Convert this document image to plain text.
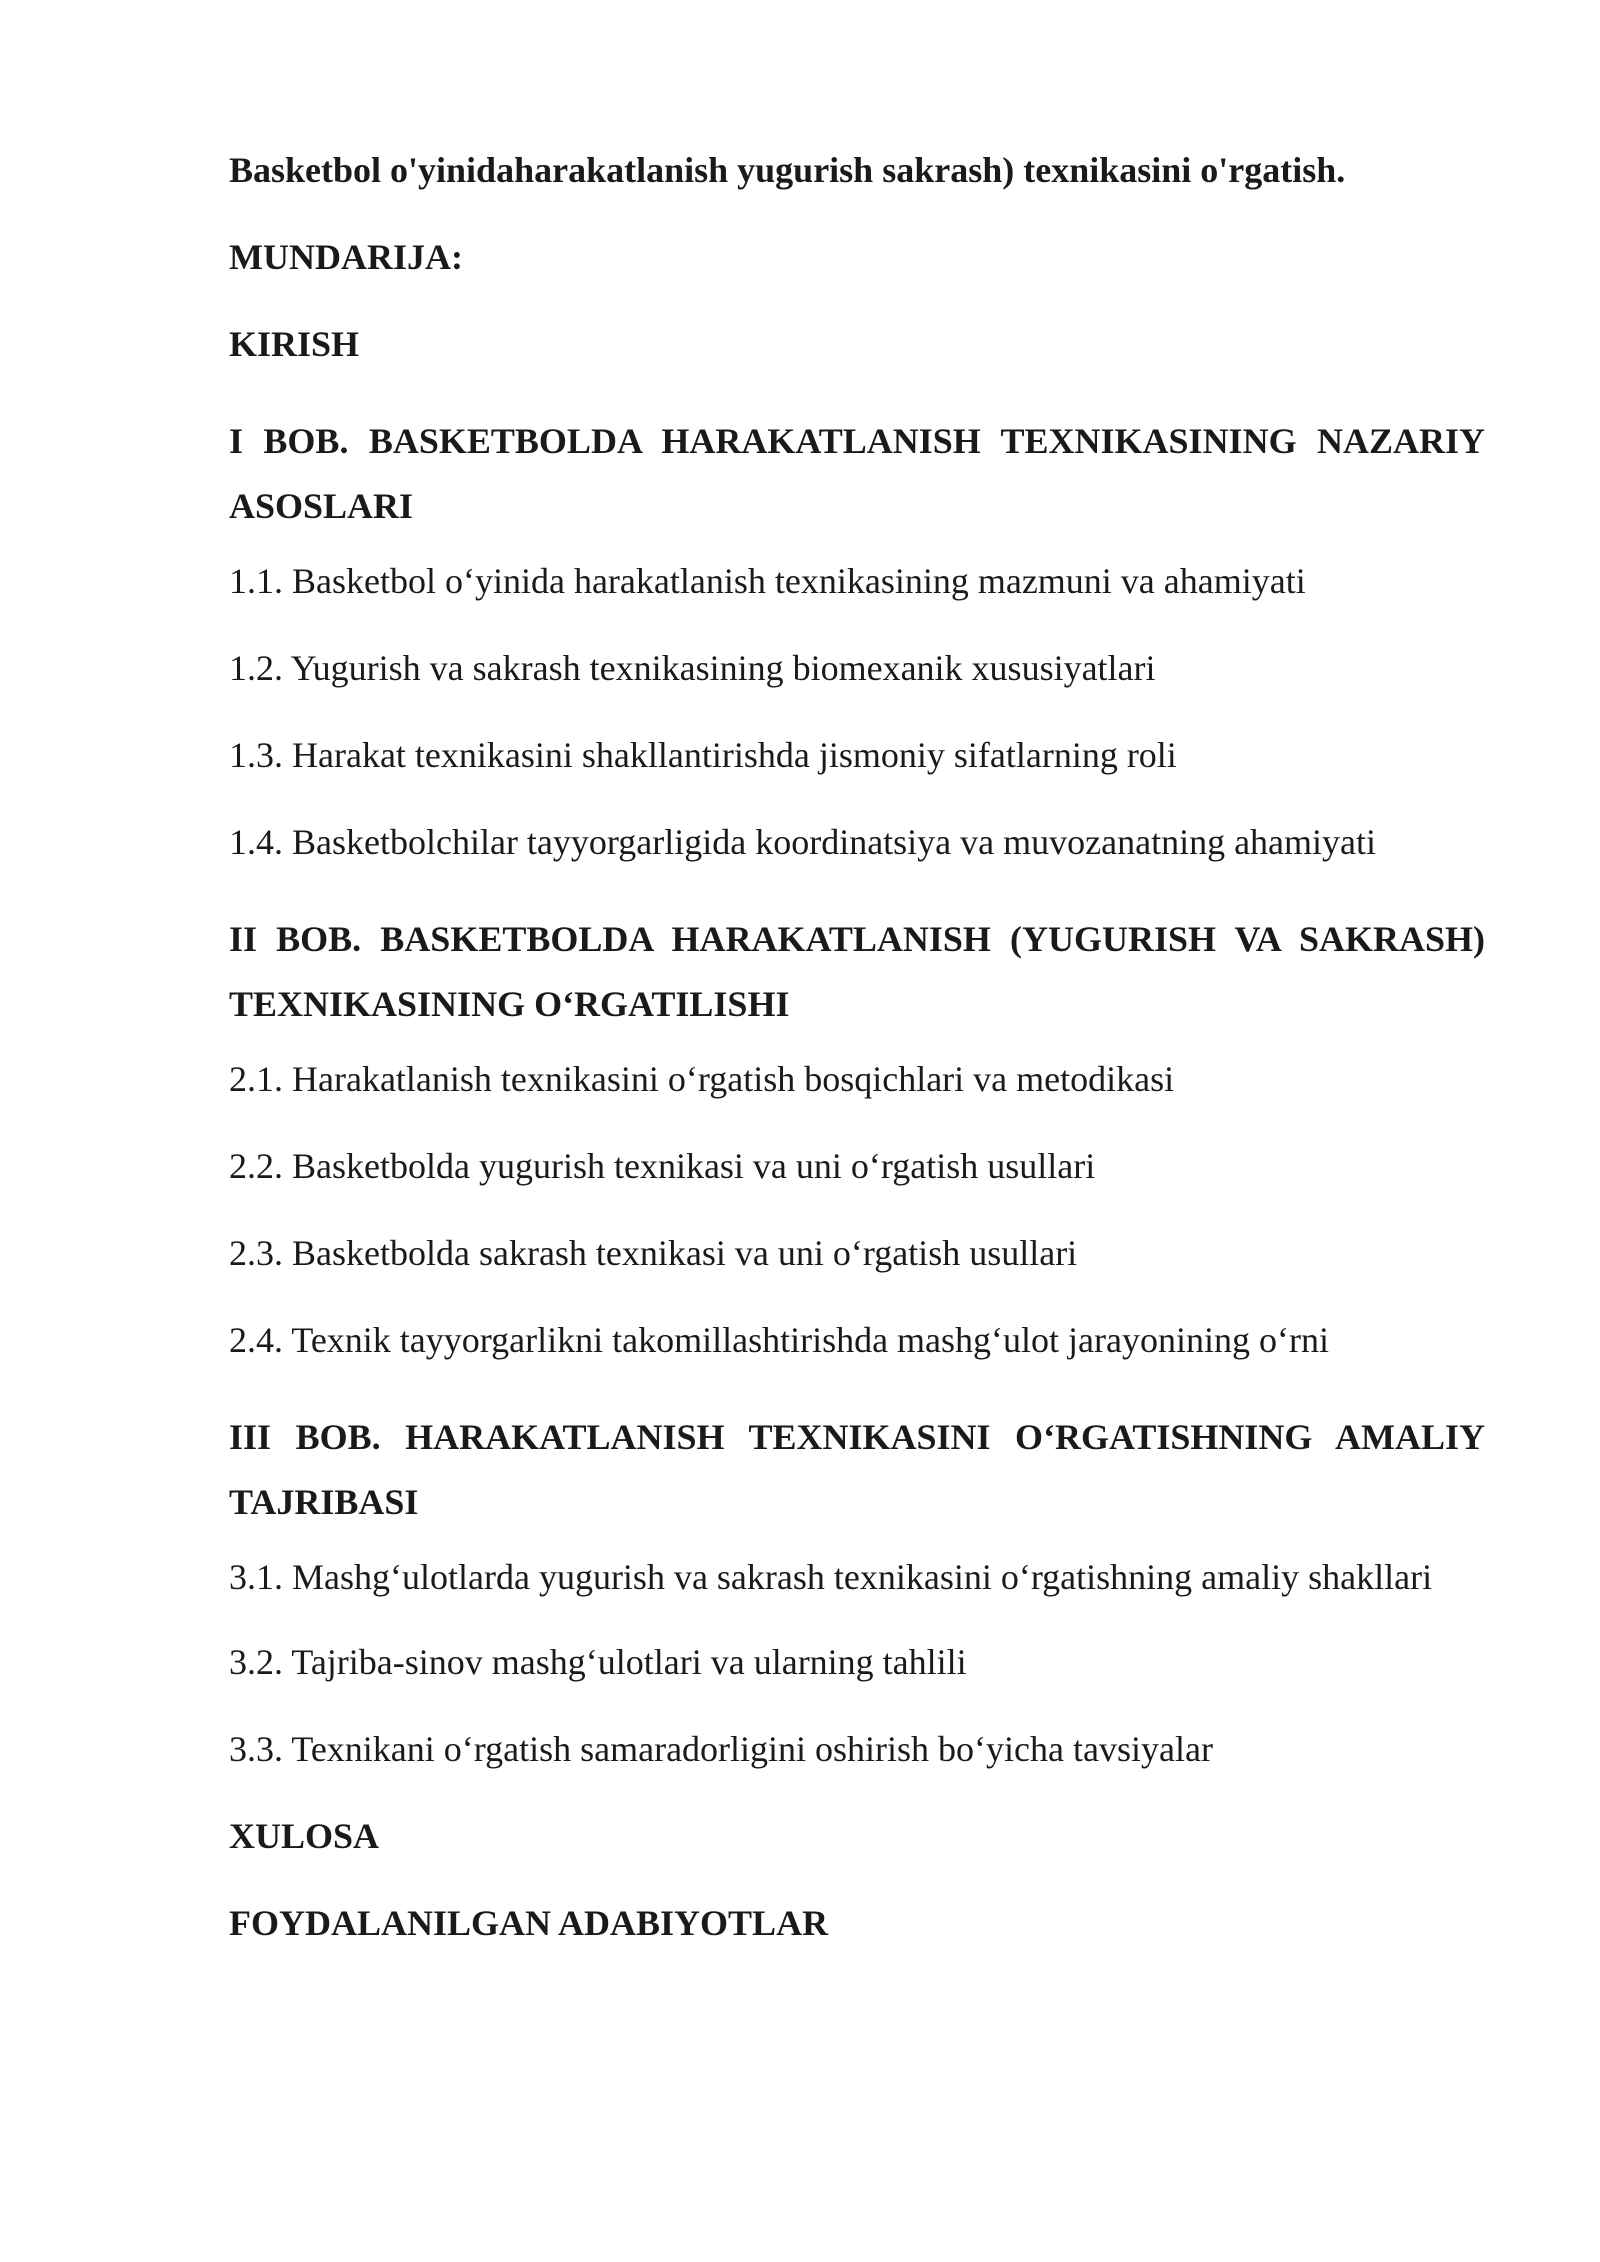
Basketbol o'yinidaharakatlanish yugurish sakrash) texnikasini o'rgatish.

MUNDARIJA:

KIRISH

I BOB. BASKETBOLDA HARAKATLANISH TEXNIKASINING NAZARIY ASOSLARI

1.1. Basketbol o‘yinida harakatlanish texnikasining mazmuni va ahamiyati

1.2. Yugurish va sakrash texnikasining biomexanik xususiyatlari

1.3. Harakat texnikasini shakllantirishda jismoniy sifatlarning roli

1.4. Basketbolchilar tayyorgarligida koordinatsiya va muvozanatning ahamiyati

II BOB. BASKETBOLDA HARAKATLANISH (YUGURISH VA SAKRASH) TEXNIKASINING O‘RGATILISHI

2.1. Harakatlanish texnikasini o‘rgatish bosqichlari va metodikasi

2.2. Basketbolda yugurish texnikasi va uni o‘rgatish usullari

2.3. Basketbolda sakrash texnikasi va uni o‘rgatish usullari

2.4. Texnik tayyorgarlikni takomillashtirishda mashg‘ulot jarayonining o‘rni

III BOB. HARAKATLANISH TEXNIKASINI O‘RGATISHNING AMALIY TAJRIBASI

3.1. Mashg‘ulotlarda yugurish va sakrash texnikasini o‘rgatishning amaliy shakllari

3.2. Tajriba-sinov mashg‘ulotlari va ularning tahlili

3.3. Texnikani o‘rgatish samaradorligini oshirish bo‘yicha tavsiyalar

XULOSA

FOYDALANILGAN ADABIYOTLAR
